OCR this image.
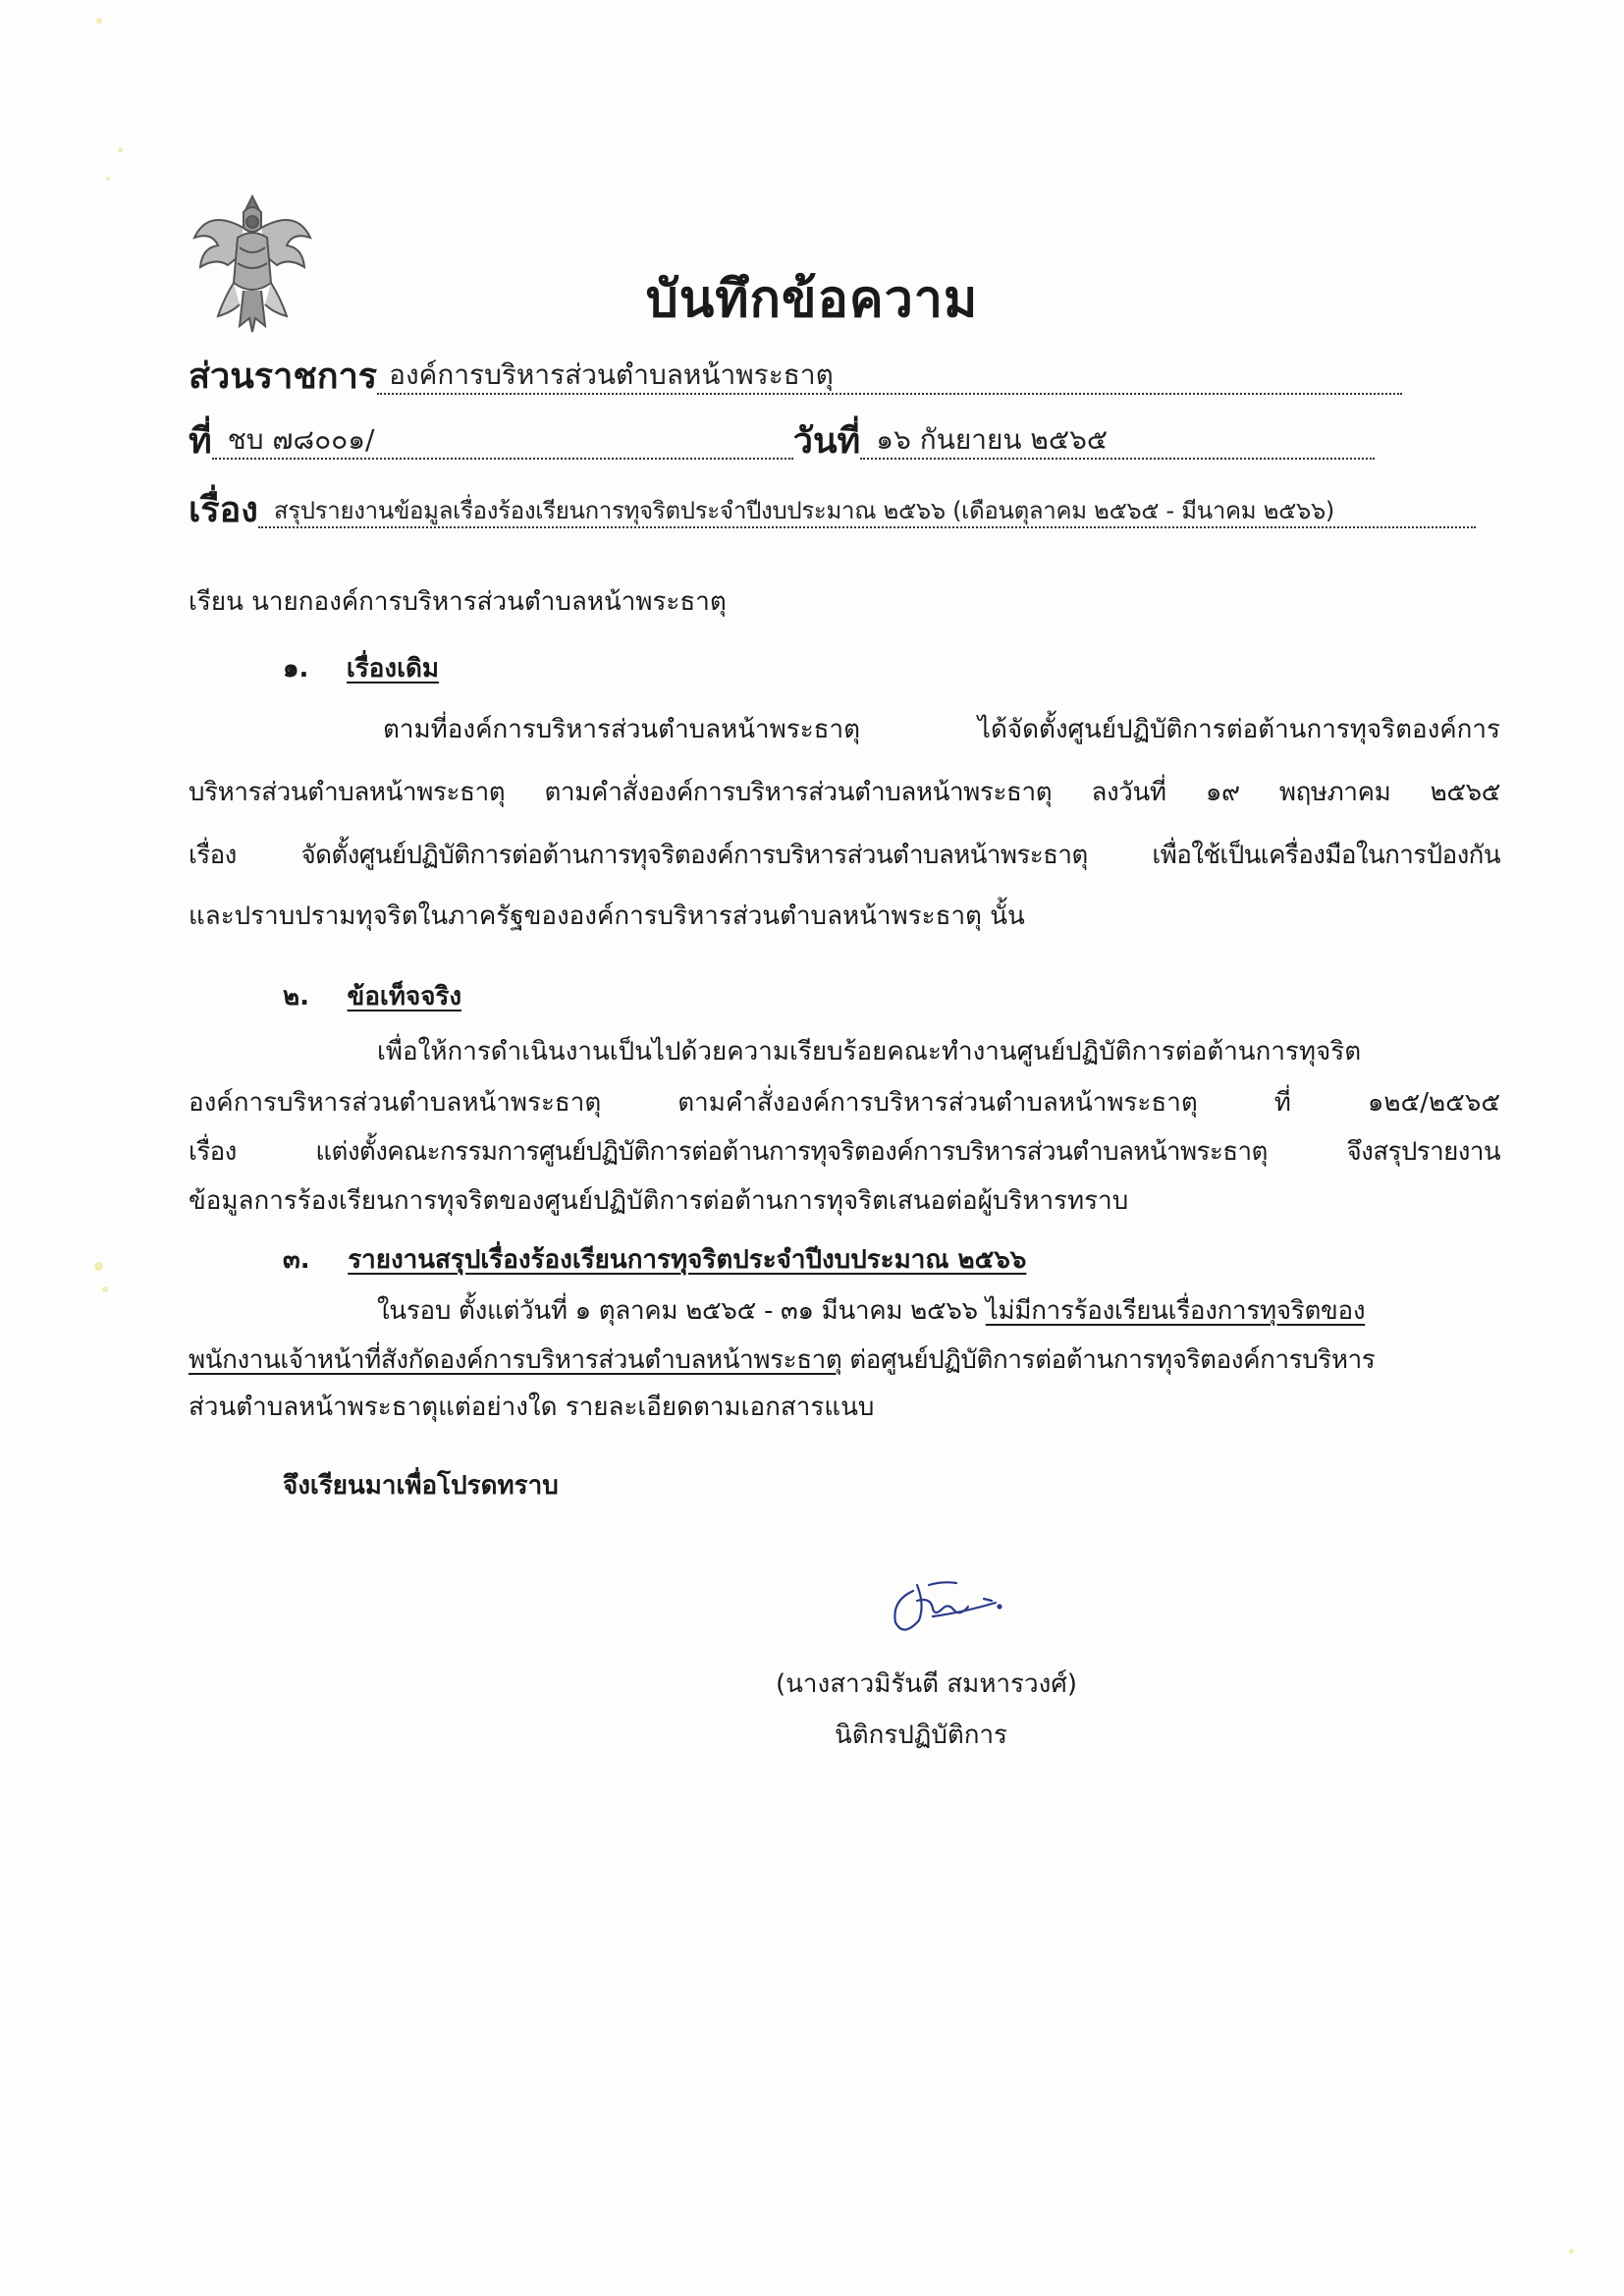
บันทึกข้อความ
ส่วนราชการ องค์การบริหารส่วนตำบลหน้าพระธาตุ
ที่ ชบ ๗๘๐๐๑/	วันที่ ๑๖ กันยายน ๒๕๖๕
เรื่อง สรุปรายงานข้อมูลเรื่องร้องเรียนการทุจริตประจำปีงบประมาณ ๒๕๖๖ (เดือนตุลาคม ๒๕๖๕ - มีนาคม ๒๕๖๖)
เรียน นายกองค์การบริหารส่วนตำบลหน้าพระธาตุ
๑. เรื่องเดิม
ตามที่องค์การบริหารส่วนตำบลหน้าพระธาตุ ได้จัดตั้งศูนย์ปฏิบัติการต่อต้านการทุจริตองค์การ
บริหารส่วนตำบลหน้าพระธาตุ ตามคำสั่งองค์การบริหารส่วนตำบลหน้าพระธาตุ ลงวันที่ ๑๙ พฤษภาคม ๒๕๖๕
เรื่อง จัดตั้งศูนย์ปฏิบัติการต่อต้านการทุจริตองค์การบริหารส่วนตำบลหน้าพระธาตุ เพื่อใช้เป็นเครื่องมือในการป้องกัน
และปราบปรามทุจริตในภาครัฐขององค์การบริหารส่วนตำบลหน้าพระธาตุ นั้น
๒. ข้อเท็จจริง
เพื่อให้การดำเนินงานเป็นไปด้วยความเรียบร้อยคณะทำงานศูนย์ปฏิบัติการต่อต้านการทุจริต
องค์การบริหารส่วนตำบลหน้าพระธาตุ ตามคำสั่งองค์การบริหารส่วนตำบลหน้าพระธาตุ ที่ ๑๒๕/๒๕๖๕
เรื่อง แต่งตั้งคณะกรรมการศูนย์ปฏิบัติการต่อต้านการทุจริตองค์การบริหารส่วนตำบลหน้าพระธาตุ จึงสรุปรายงาน
ข้อมูลการร้องเรียนการทุจริตของศูนย์ปฏิบัติการต่อต้านการทุจริตเสนอต่อผู้บริหารทราบ
๓. รายงานสรุปเรื่องร้องเรียนการทุจริตประจำปีงบประมาณ ๒๕๖๖
ในรอบ ตั้งแต่วันที่ ๑ ตุลาคม ๒๕๖๕ - ๓๑ มีนาคม ๒๕๖๖ ไม่มีการร้องเรียนเรื่องการทุจริตของ
พนักงานเจ้าหน้าที่สังกัดองค์การบริหารส่วนตำบลหน้าพระธาตุ ต่อศูนย์ปฏิบัติการต่อต้านการทุจริตองค์การบริหาร
ส่วนตำบลหน้าพระธาตุแต่อย่างใด รายละเอียดตามเอกสารแนบ
จึงเรียนมาเพื่อโปรดทราบ
(นางสาวมิรันตี สมหารวงศ์)
นิติกรปฏิบัติการ
